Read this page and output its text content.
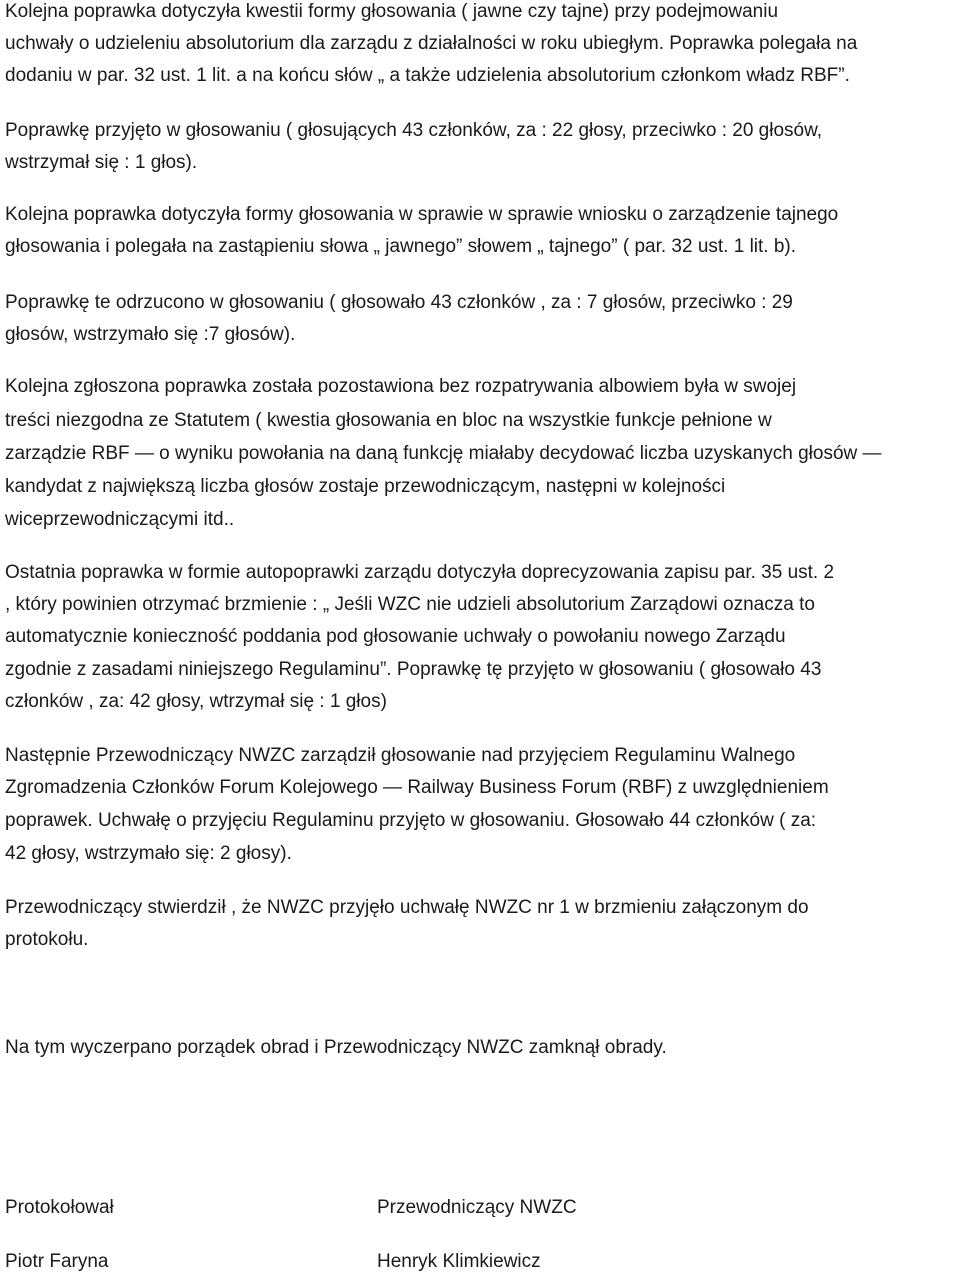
Kolejna poprawka dotyczyła kwestii formy głosowania ( jawne czy tajne) przy podejmowaniu
uchwały o udzieleniu absolutorium dla zarządu z działalności w roku ubiegłym. Poprawka polegała na
dodaniu w par. 32 ust. 1 lit. a na końcu słów „ a także udzielenia absolutorium członkom władz RBF”.
Poprawkę przyjęto w głosowaniu ( głosujących 43 członków, za : 22 głosy, przeciwko : 20 głosów,
wstrzymał się : 1 głos).
Kolejna poprawka dotyczyła formy głosowania w sprawie w sprawie wniosku o zarządzenie tajnego
głosowania i polegała na zastąpieniu słowa „ jawnego” słowem „ tajnego” ( par. 32 ust. 1 lit. b).
Poprawkę te odrzucono w głosowaniu ( głosowało 43 członków , za : 7 głosów, przeciwko : 29
głosów, wstrzymało się :7 głosów).
Kolejna zgłoszona poprawka została pozostawiona bez rozpatrywania albowiem była w swojej
treści niezgodna ze Statutem ( kwestia głosowania en bloc na wszystkie funkcje pełnione w
zarządzie RBF — o wyniku powołania na daną funkcję miałaby decydować liczba uzyskanych głosów —
kandydat z największą liczba głosów zostaje przewodniczącym, następni w kolejności
wiceprzewodniczącymi itd..
Ostatnia poprawka w formie autopoprawki zarządu dotyczyła doprecyzowania zapisu par. 35 ust. 2
, który powinien otrzymać brzmienie : „ Jeśli WZC nie udzieli absolutorium Zarządowi oznacza to
automatycznie konieczność poddania pod głosowanie uchwały o powołaniu nowego Zarządu
zgodnie z zasadami niniejszego Regulaminu”. Poprawkę tę przyjęto w głosowaniu ( głosowało 43
członków , za: 42 głosy, wtrzymał się : 1 głos)
Następnie Przewodniczący NWZC zarządził głosowanie nad przyjęciem Regulaminu Walnego
Zgromadzenia Członków Forum Kolejowego — Railway Business Forum (RBF) z uwzględnieniem
poprawek. Uchwałę o przyjęciu Regulaminu przyjęto w głosowaniu. Głosowało 44 członków ( za:
42 głosy, wstrzymało się: 2 głosy).
Przewodniczący stwierdził , że NWZC przyjęło uchwałę NWZC nr 1 w brzmieniu załączonym do
protokołu.
Na tym wyczerpano porządek obrad i Przewodniczący NWZC zamknął obrady.
Protokołował	Przewodniczący NWZC
Piotr Faryna	Henryk Klimkiewicz
